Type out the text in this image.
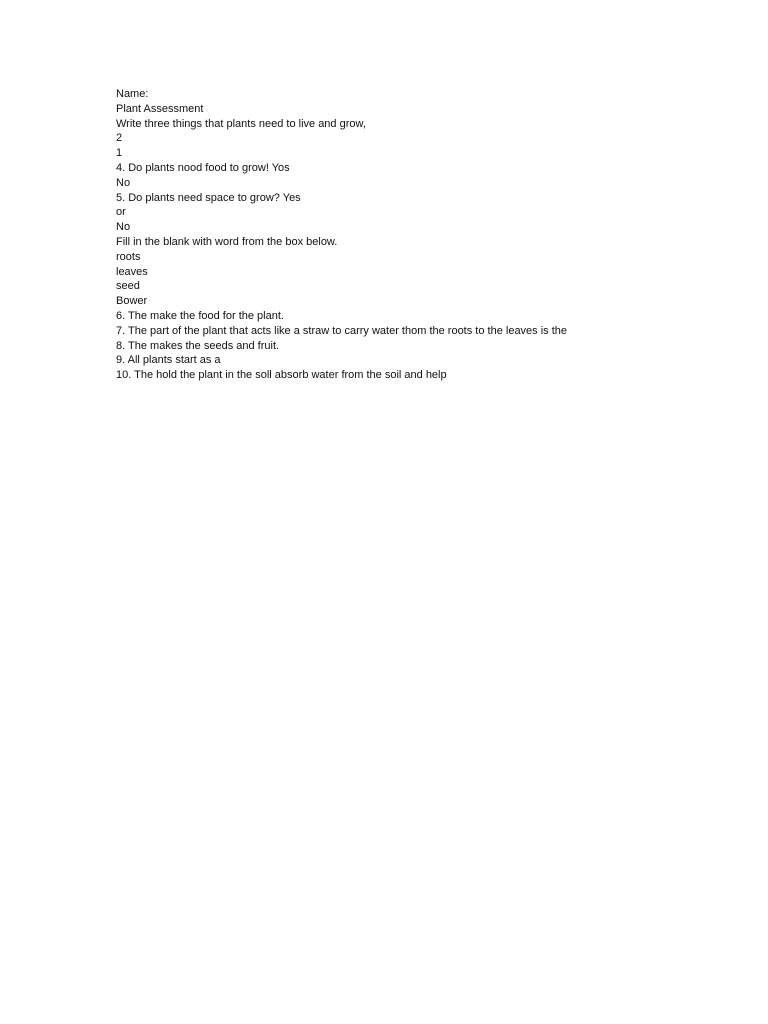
Name:
Plant Assessment
Write three things that plants need to live and grow,
2
1
4. Do plants nood food to grow! Yos
No
5. Do plants need space to grow? Yes
or
No
Fill in the blank with word from the box below.
roots
leaves
seed
Bower
6. The make the food for the plant.
7. The part of the plant that acts like a straw to carry water thom the roots to the leaves is the
8. The makes the seeds and fruit.
9. All plants start as a
10. The hold the plant in the soll absorb water from the soil and help
